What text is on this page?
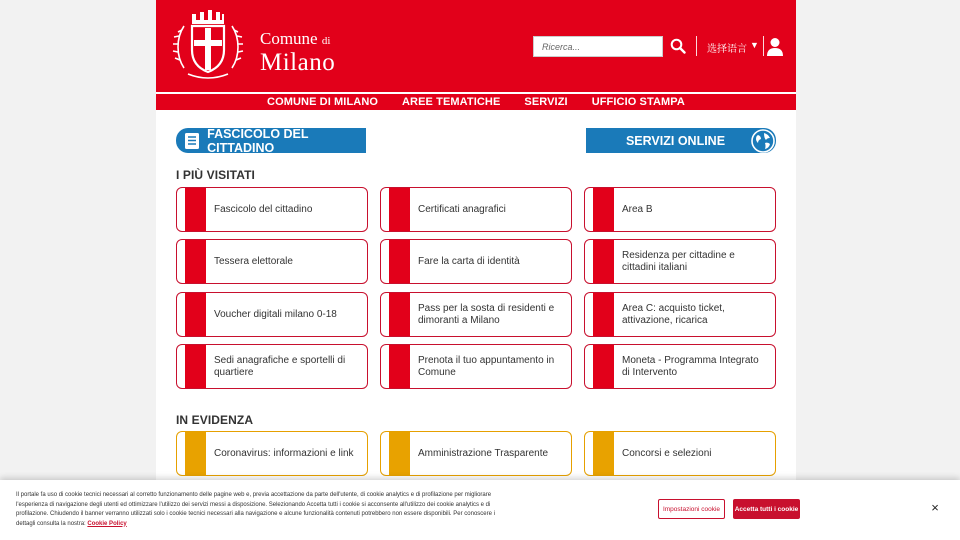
Comune di
Milano
Ricerca...	选择语言 ▼
COMUNE DI MILANO AREE TEMATICHE SERVIZI UFFICIO STAMPA
FASCICOLO DEL CITTADINO	SERVIZI ONLINE
I PIÙ VISITATI
Fascicolo del cittadino	Certificati anagrafici	Area B
Tessera elettorale	Fare la carta di identità
Residenza per cittadine e cittadini italiani
Voucher digitali milano 0-18
Pass per la sosta di residenti e dimoranti a Milano
Area C: acquisto ticket, attivazione, ricarica
Sedi anagrafiche e sportelli di quartiere
Prenota il tuo appuntamento in Comune
Moneta - Programma Integrato di Intervento
IN EVIDENZA
Coronavirus: informazioni e link	Amministrazione Trasparente	Concorsi e selezioni
Il portale fa uso di cookie tecnici necessari al corretto funzionamento delle pagine web e, previa accettazione da parte dell'utente, di cookie analytics e di profilazione per migliorare l'esperienza di navigazione degli utenti ed ottimizzare l'utilizzo dei servizi messi a disposizione. Selezionando Accetta tutti i cookie si acconsente all'utilizzo dei cookie analytics e di profilazione. Chiudendo il banner verranno utilizzati solo i cookie tecnici necessari alla navigazione e alcune funzionalità contenuti potrebbero non essere disponibili. Per conoscere i dettagli consulta la nostra: Cookie Policy
Impostazioni cookie	Accetta tutti i cookie	×
